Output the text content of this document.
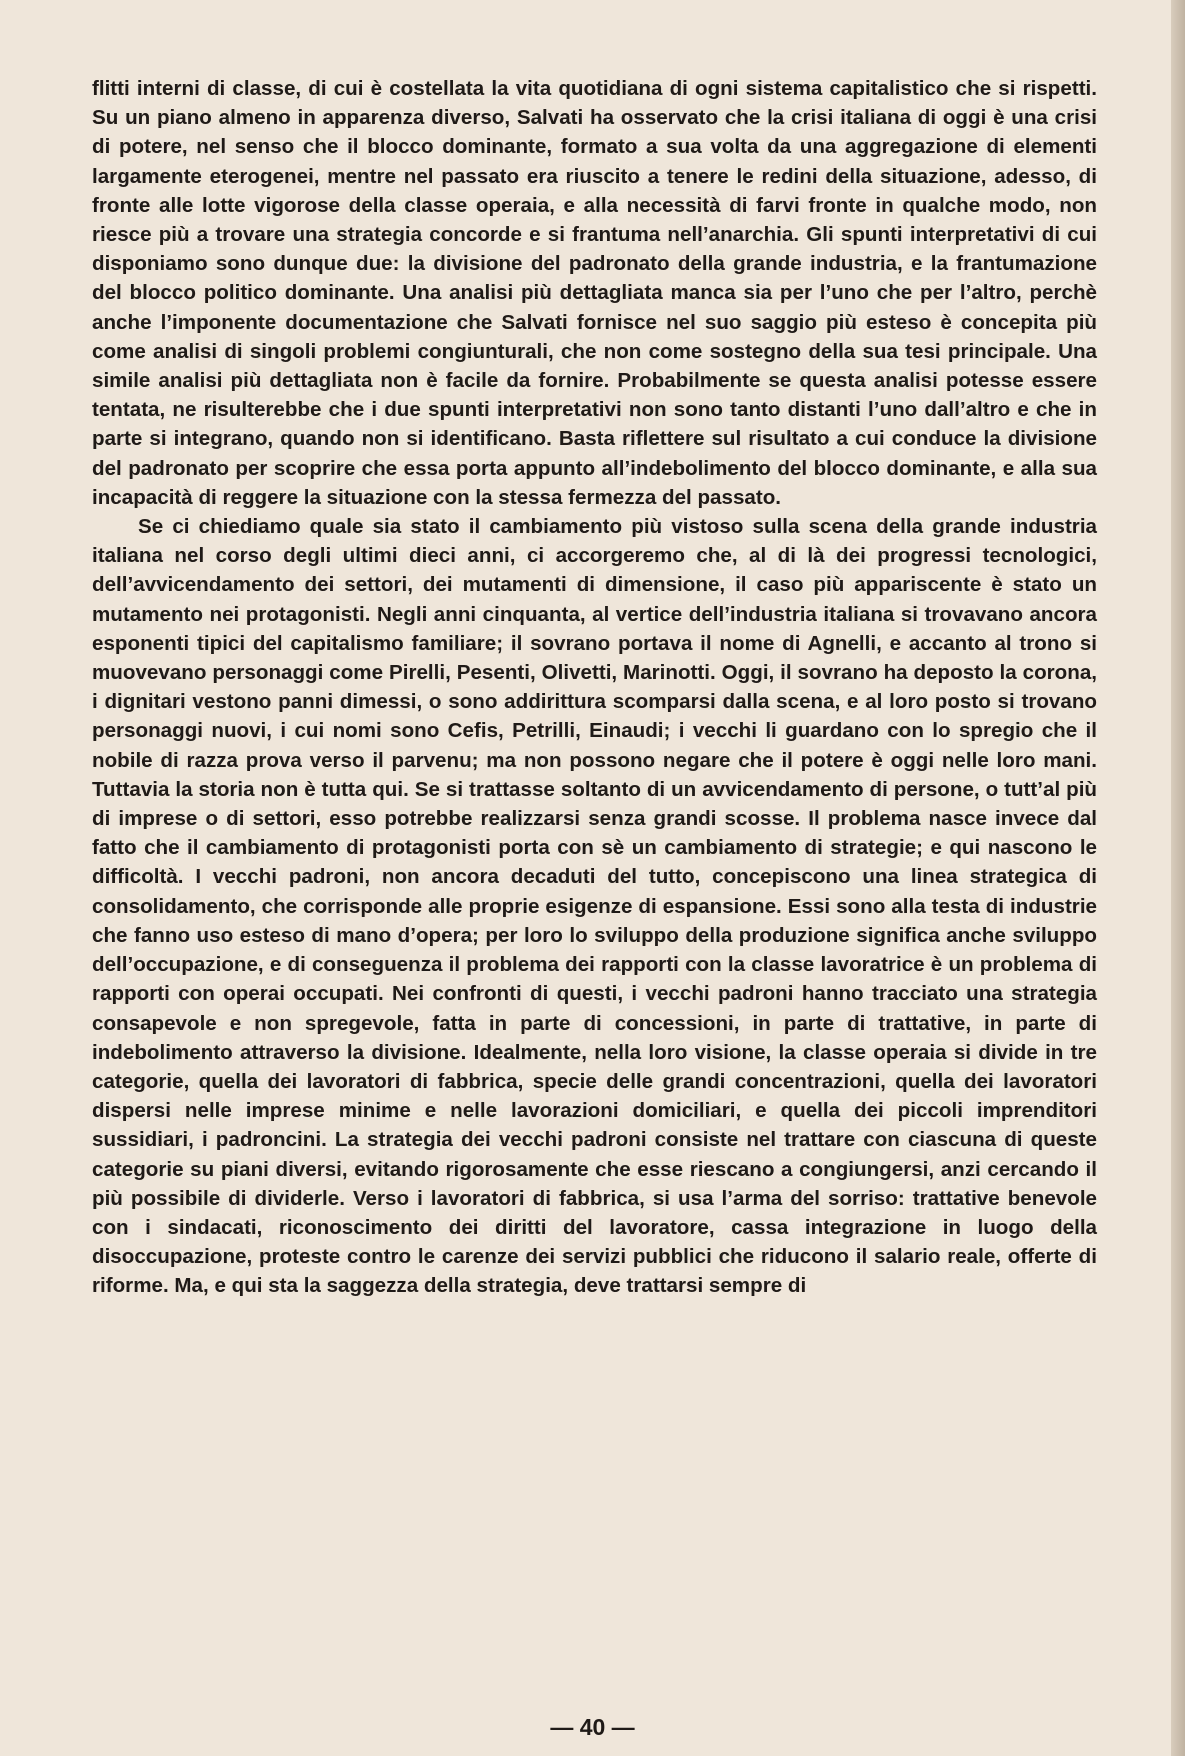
flitti interni di classe, di cui è costellata la vita quotidiana di ogni sistema capitalistico che si rispetti. Su un piano almeno in apparenza diverso, Salvati ha osservato che la crisi italiana di oggi è una crisi di potere, nel senso che il blocco dominante, formato a sua volta da una aggregazione di elementi largamente eterogenei, mentre nel passato era riuscito a tenere le redini della situazione, adesso, di fronte alle lotte vigorose della classe operaia, e alla necessità di farvi fronte in qualche modo, non riesce più a trovare una strategia concorde e si frantuma nell’anarchia. Gli spunti interpretativi di cui disponiamo sono dunque due: la divisione del padronato della grande industria, e la frantumazione del blocco politico dominante. Una analisi più dettagliata manca sia per l’uno che per l’altro, perchè anche l’imponente documentazione che Salvati fornisce nel suo saggio più esteso è concepita più come analisi di singoli problemi congiunturali, che non come sostegno della sua tesi principale. Una simile analisi più dettagliata non è facile da fornire. Probabilmente se questa analisi potesse essere tentata, ne risulterebbe che i due spunti interpretativi non sono tanto distanti l’uno dall’altro e che in parte si integrano, quando non si identificano. Basta riflettere sul risultato a cui conduce la divisione del padronato per scoprire che essa porta appunto all’indebolimento del blocco dominante, e alla sua incapacità di reggere la situazione con la stessa fermezza del passato.

Se ci chiediamo quale sia stato il cambiamento più vistoso sulla scena della grande industria italiana nel corso degli ultimi dieci anni, ci accorgeremo che, al di là dei progressi tecnologici, dell’avvicendamento dei settori, dei mutamenti di dimensione, il caso più appariscente è stato un mutamento nei protagonisti. Negli anni cinquanta, al vertice dell’industria italiana si trovavano ancora esponenti tipici del capitalismo familiare; il sovrano portava il nome di Agnelli, e accanto al trono si muovevano personaggi come Pirelli, Pesenti, Olivetti, Marinotti. Oggi, il sovrano ha deposto la corona, i dignitari vestono panni dimessi, o sono addirittura scomparsi dalla scena, e al loro posto si trovano personaggi nuovi, i cui nomi sono Cefis, Petrilli, Einaudi; i vecchi li guardano con lo spregio che il nobile di razza prova verso il parvenu; ma non possono negare che il potere è oggi nelle loro mani. Tuttavia la storia non è tutta qui. Se si trattasse soltanto di un avvicendamento di persone, o tutt’al più di imprese o di settori, esso potrebbe realizzarsi senza grandi scosse. Il problema nasce invece dal fatto che il cambiamento di protagonisti porta con sè un cambiamento di strategie; e qui nascono le difficoltà. I vecchi padroni, non ancora decaduti del tutto, concepiscono una linea strategica di consolidamento, che corrisponde alle proprie esigenze di espansione. Essi sono alla testa di industrie che fanno uso esteso di mano d’opera; per loro lo sviluppo della produzione significa anche sviluppo dell’occupazione, e di conseguenza il problema dei rapporti con la classe lavoratrice è un problema di rapporti con operai occupati. Nei confronti di questi, i vecchi padroni hanno tracciato una strategia consapevole e non spregevole, fatta in parte di concessioni, in parte di trattative, in parte di indebolimento attraverso la divisione. Idealmente, nella loro visione, la classe operaia si divide in tre categorie, quella dei lavoratori di fabbrica, specie delle grandi concentrazioni, quella dei lavoratori dispersi nelle imprese minime e nelle lavorazioni domiciliari, e quella dei piccoli imprenditori sussidiari, i padroncini. La strategia dei vecchi padroni consiste nel trattare con ciascuna di queste categorie su piani diversi, evitando rigorosamente che esse riescano a congiungersi, anzi cercando il più possibile di dividerle. Verso i lavoratori di fabbrica, si usa l’arma del sorriso: trattative benevole con i sindacati, riconoscimento dei diritti del lavoratore, cassa integrazione in luogo della disoccupazione, proteste contro le carenze dei servizi pubblici che riducono il salario reale, offerte di riforme. Ma, e qui sta la saggezza della strategia, deve trattarsi sempre di

— 40 —
